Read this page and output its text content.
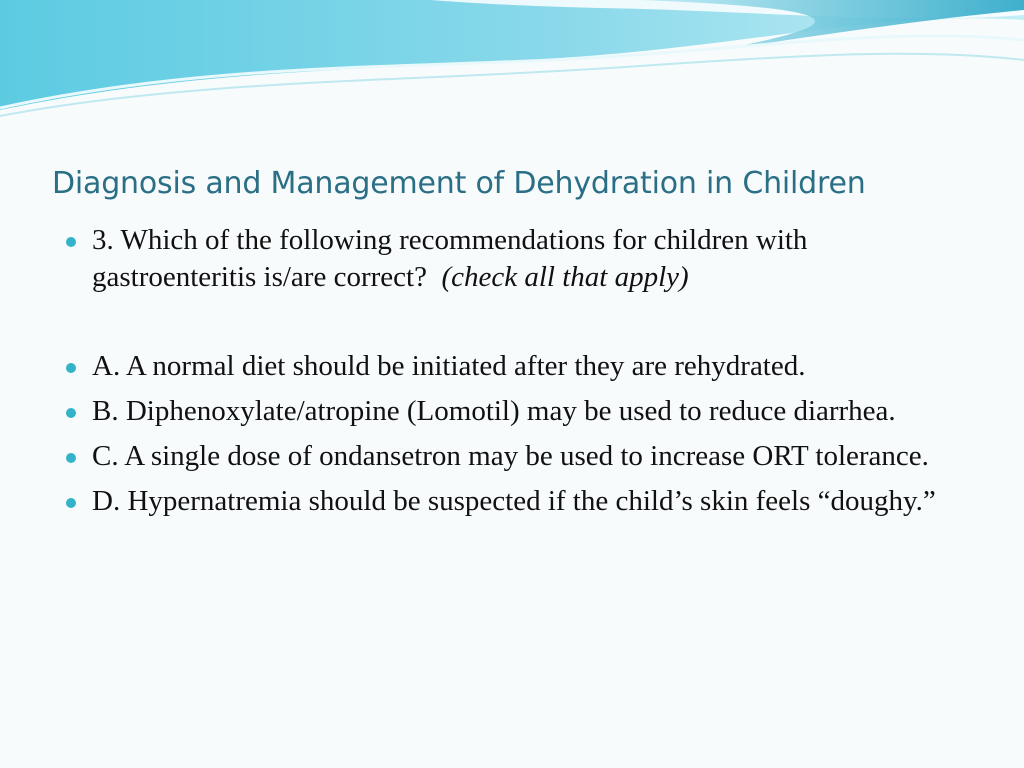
Diagnosis and Management of Dehydration in Children

3. Which of the following recommendations for children with gastroenteritis is/are correct? (check all that apply)

A. A normal diet should be initiated after they are rehydrated.

B. Diphenoxylate/atropine (Lomotil) may be used to reduce diarrhea.

C. A single dose of ondansetron may be used to increase ORT tolerance.

D. Hypernatremia should be suspected if the child’s skin feels “doughy.”
